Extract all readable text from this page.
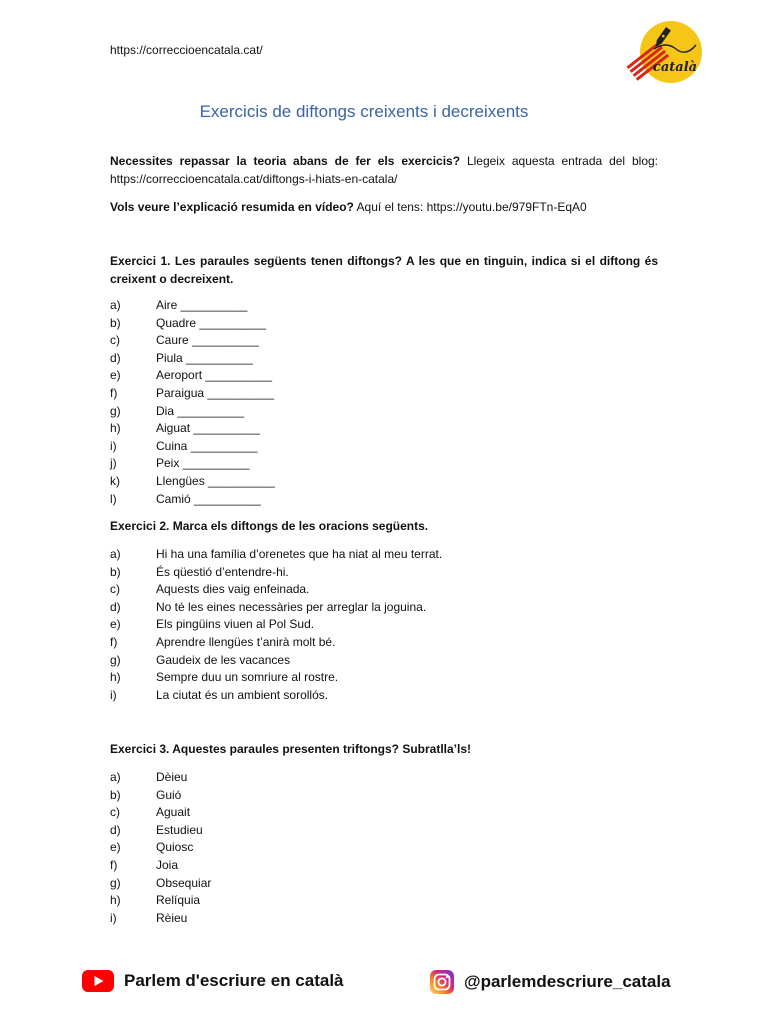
https://correccioencatala.cat/
català
Exercicis de diftongs creixents i decreixents

Necessites repassar la teoria abans de fer els exercicis? Llegeix aquesta entrada del blog: https://correccioencatala.cat/diftongs-i-hiats-en-catala/

Vols veure l’explicació resumida en vídeo? Aquí el tens: https://youtu.be/979FTn-EqA0

Exercici 1. Les paraules següents tenen diftongs? A les que en tinguin, indica si el diftong és creixent o decreixent.

a)	Aire __________
b)	Quadre __________
c)	Caure __________
d)	Piula __________
e)	Aeroport __________
f)	Paraigua __________
g)	Dia __________
h)	Aiguat __________
i)	Cuina __________
j)	Peix __________
k)	Llengües __________
l)	Camió __________

Exercici 2. Marca els diftongs de les oracions següents.

a)	Hi ha una família d’orenetes que ha niat al meu terrat.
b)	És qüestió d’entendre-hi.
c)	Aquests dies vaig enfeinada.
d)	No té les eines necessàries per arreglar la joguina.
e)	Els pingüins viuen al Pol Sud.
f)	Aprendre llengües t’anirà molt bé.
g)	Gaudeix de les vacances
h)	Sempre duu un somriure al rostre.
i)	La ciutat és un ambient sorollós.

Exercici 3. Aquestes paraules presenten triftongs? Subratlla’ls!

a)	Dèieu
b)	Guió
c)	Aguait
d)	Estudieu
e)	Quiosc
f)	Joia
g)	Obsequiar
h)	Relíquia
i)	Rèieu
Parlem d'escriure en català	@parlemdescriure_catala
